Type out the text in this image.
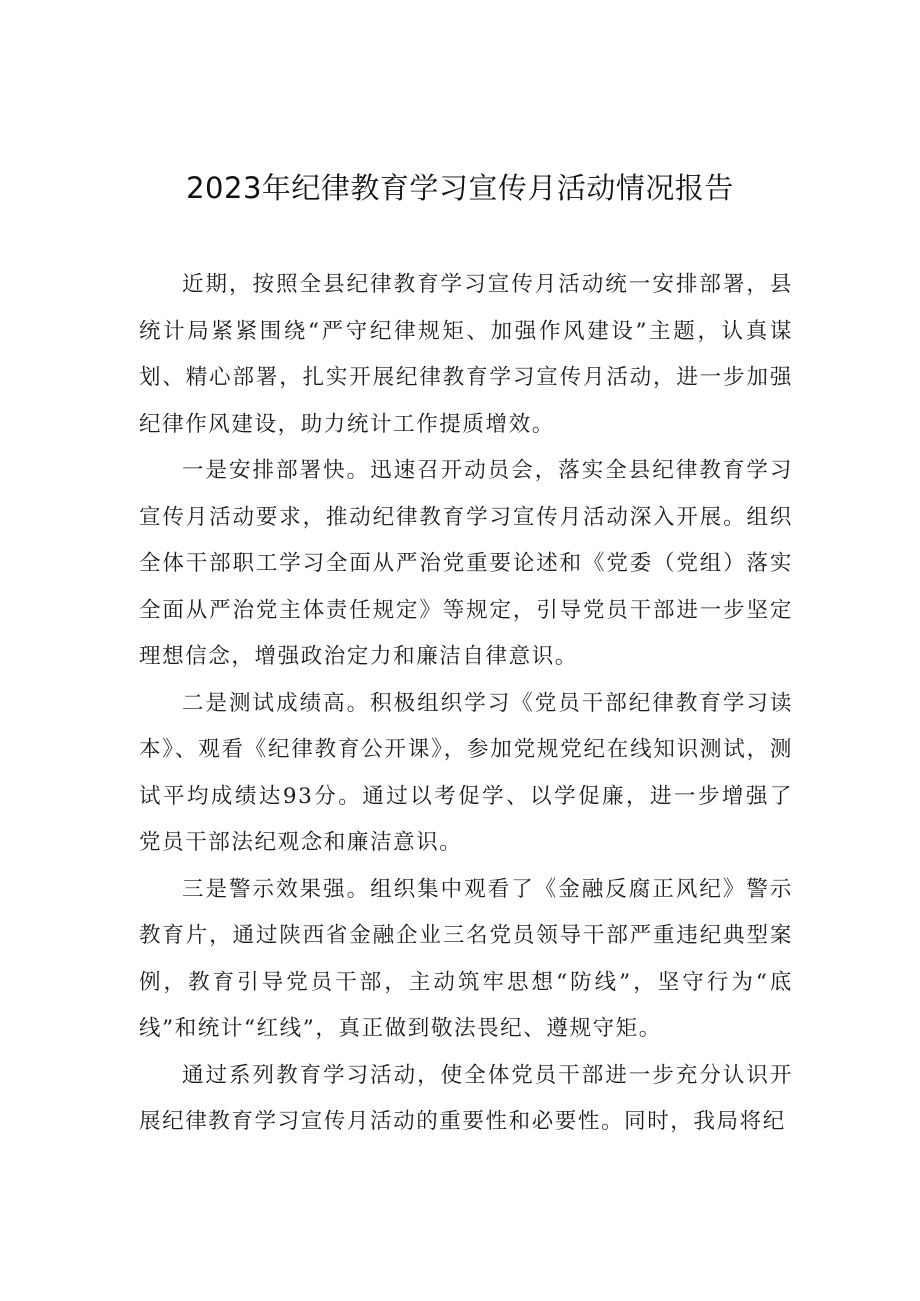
2023年纪律教育学习宣传月活动情况报告

近期，按照全县纪律教育学习宣传月活动统一安排部署，县统计局紧紧围绕“严守纪律规矩、加强作风建设”主题，认真谋划、精心部署，扎实开展纪律教育学习宣传月活动，进一步加强纪律作风建设，助力统计工作提质增效。

一是安排部署快。迅速召开动员会，落实全县纪律教育学习宣传月活动要求，推动纪律教育学习宣传月活动深入开展。组织全体干部职工学习全面从严治党重要论述和《党委（党组）落实全面从严治党主体责任规定》等规定，引导党员干部进一步坚定理想信念，增强政治定力和廉洁自律意识。

二是测试成绩高。积极组织学习《党员干部纪律教育学习读本》、观看《纪律教育公开课》，参加党规党纪在线知识测试，测试平均成绩达93分。通过以考促学、以学促廉，进一步增强了党员干部法纪观念和廉洁意识。

三是警示效果强。组织集中观看了《金融反腐正风纪》警示教育片，通过陕西省金融企业三名党员领导干部严重违纪典型案例，教育引导党员干部，主动筑牢思想“防线”，坚守行为“底线”和统计“红线”，真正做到敬法畏纪、遵规守矩。

通过系列教育学习活动，使全体党员干部进一步充分认识开展纪律教育学习宣传月活动的重要性和必要性。同时，我局将纪
